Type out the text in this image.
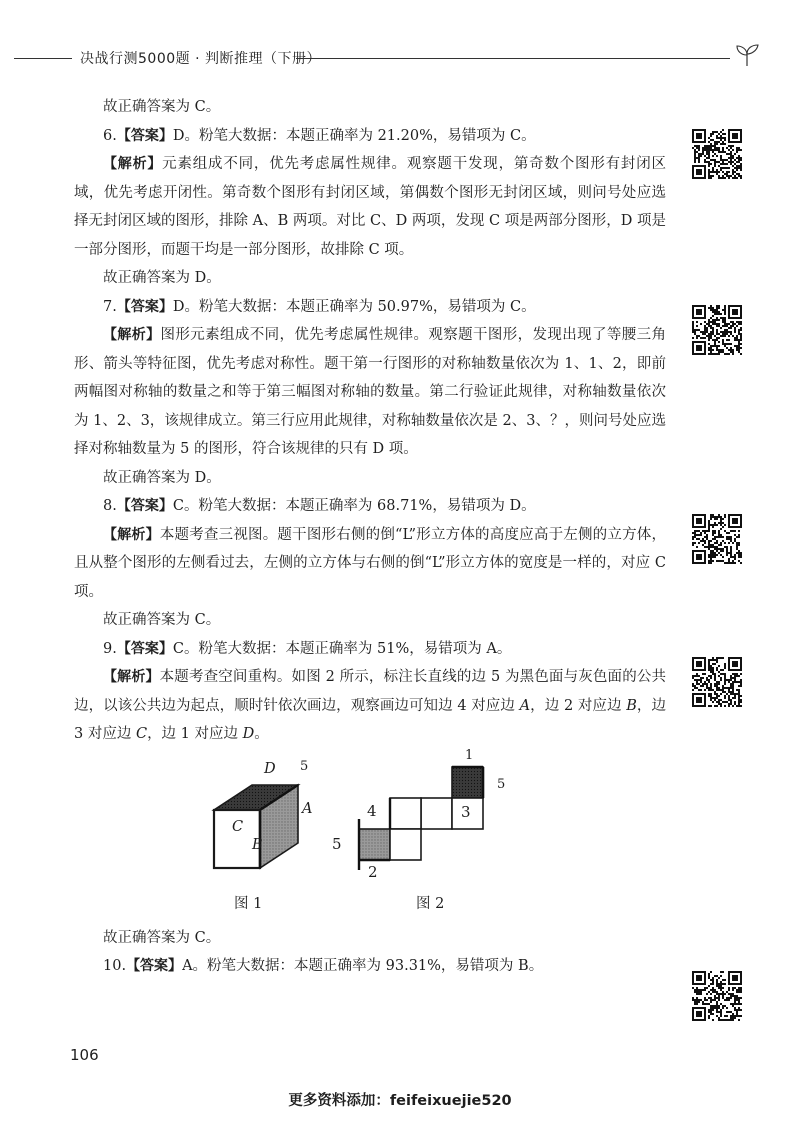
决战行测5000题 · 判断推理（下册）

故正确答案为 C。

6.【答案】D。粉笔大数据：本题正确率为 21.20%，易错项为 C。

【解析】元素组成不同，优先考虑属性规律。观察题干发现，第奇数个图形有封闭区域，优先考虑开闭性。第奇数个图形有封闭区域，第偶数个图形无封闭区域，则问号处应选择无封闭区域的图形，排除 A、B 两项。对比 C、D 两项，发现 C 项是两部分图形，D 项是一部分图形，而题干均是一部分图形，故排除 C 项。

故正确答案为 D。

7.【答案】D。粉笔大数据：本题正确率为 50.97%，易错项为 C。

【解析】图形元素组成不同，优先考虑属性规律。观察题干图形，发现出现了等腰三角形、箭头等特征图，优先考虑对称性。题干第一行图形的对称轴数量依次为 1、1、2，即前两幅图对称轴的数量之和等于第三幅图对称轴的数量。第二行验证此规律，对称轴数量依次为 1、2、3，该规律成立。第三行应用此规律，对称轴数量依次是 2、3、？，则问号处应选择对称轴数量为 5 的图形，符合该规律的只有 D 项。

故正确答案为 D。

8.【答案】C。粉笔大数据：本题正确率为 68.71%，易错项为 D。

【解析】本题考查三视图。题干图形右侧的倒“L”形立方体的高度应高于左侧的立方体，且从整个图形的左侧看过去，左侧的立方体与右侧的倒“L”形立方体的宽度是一样的，对应 C 项。

故正确答案为 C。

9.【答案】C。粉笔大数据：本题正确率为 51%，易错项为 A。

【解析】本题考查空间重构。如图 2 所示，标注长直线的边 5 为黑色面与灰色面的公共边，以该公共边为起点，顺时针依次画边，观察画边可知边 4 对应边 A，边 2 对应边 B，边 3 对应边 C，边 1 对应边 D。

D 5
A
C
B
1
5
3
4
5
2
图 1	图 2

故正确答案为 C。

10.【答案】A。粉笔大数据：本题正确率为 93.31%，易错项为 B。

106
更多资料添加：feifeixuejie520
